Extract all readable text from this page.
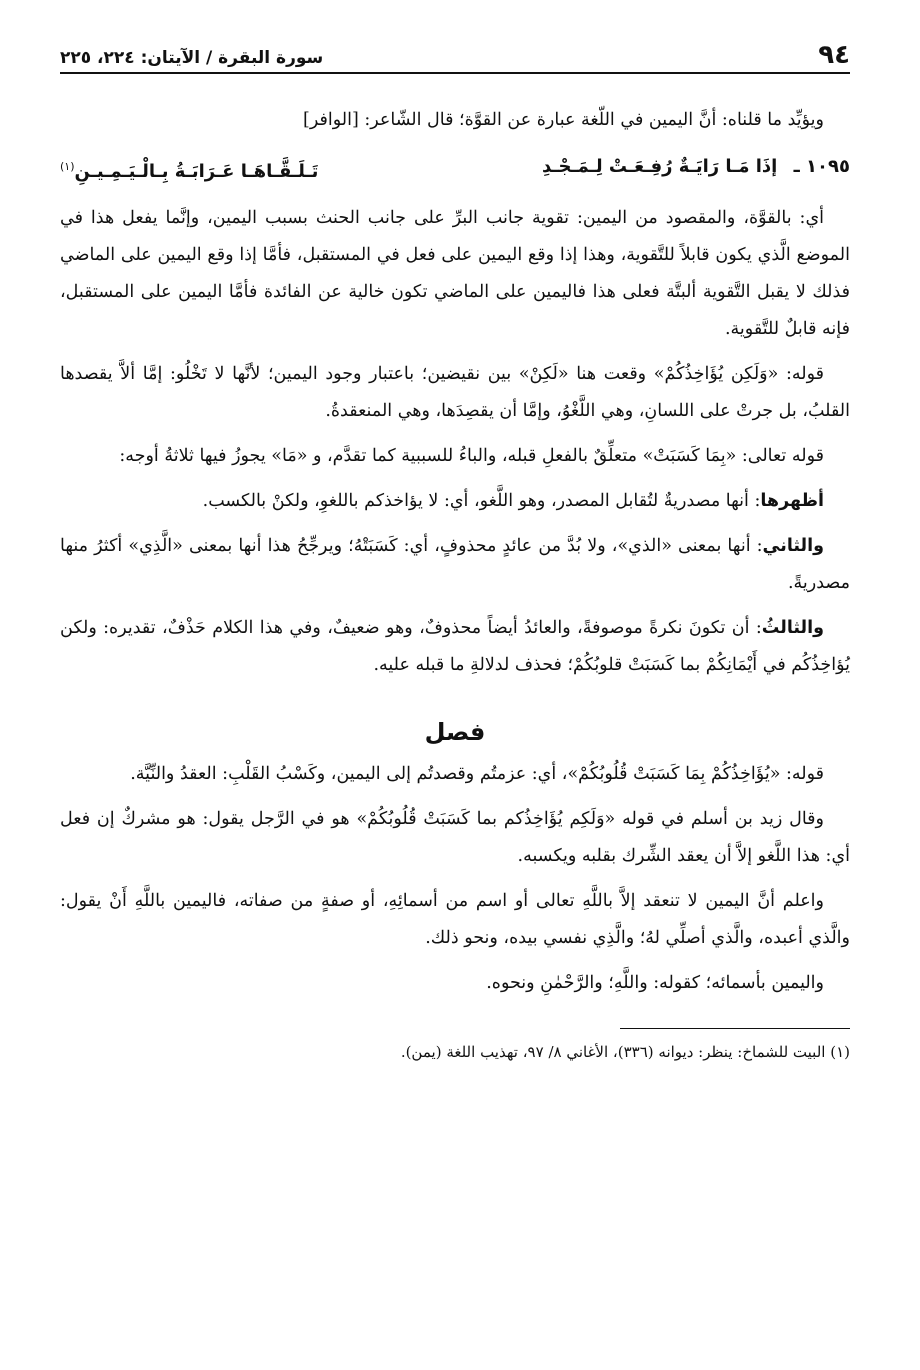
٩٤
سورة البقرة / الآيتان: ٢٢٤، ٢٢٥

ويؤيِّد ما قلناه: أنَّ اليمين في اللّغة عبارة عن القوَّة؛ قال الشّاعر: [الوافر]

١٠٩٥ ـ إذَا مَـا رَايَـةٌ رُفِـعَـتْ لِـمَـجْـدِ
تَـلَـقَّـاهَـا عَـرَابَـةُ بِـالْـيَـمِـيـنِ$^{(١)}$

أي: بالقوَّة، والمقصود من اليمين: تقوية جانب البرِّ على جانب الحنث بسبب اليمين، وإنَّما يفعل هذا في الموضع الَّذي يكون قابلاً للتَّقوية، وهذا إذا وقع اليمين على فعل في المستقبل، فأمَّا إذا وقع اليمين على الماضي فذلك لا يقبل التَّقوية ألبتَّة فعلى هذا فاليمين على الماضي تكون خالية عن الفائدة فأمَّا اليمين على المستقبل، فإنه قابلٌ للتَّقوية.

قوله: «وَلَكِن يُؤَاخِذُكُمْ» وقعت هنا «لَكِنْ» بين نقيضين؛ باعتبار وجود اليمين؛ لأنَّها لا تَخْلُو: إمَّا ألاَّ يقصدها القلبُ، بل جرتْ على اللسانِ، وهي اللَّغْوُ، وإمَّا أن يقصِدَها، وهي المنعقدةُ.

قوله تعالى: «بِمَا كَسَبَتْ» متعلِّقٌ بالفعلِ قبله، والباءُ للسببية كما تقدَّم، و «مَا» يجوزُ فيها ثلاثةُ أوجه:

أظهرها: أنها مصدريةٌ لتُقابل المصدر، وهو اللَّغو، أي: لا يؤاخذكم باللغوِ، ولكنْ بالكسب.

والثاني: أنها بمعنى «الذي»، ولا بُدَّ من عائدٍ محذوفٍ، أي: كَسَبَتْهُ؛ ويرجِّحُ هذا أنها بمعنى «الَّذِي» أكثرُ منها مصدريةً.

والثالثُ: أن تكونَ نكرةً موصوفةً، والعائدُ أيضاً محذوفٌ، وهو ضعيفٌ، وفي هذا الكلام حَذْفٌ، تقديره: ولكن يُؤاخِذُكُم في أَيْمَانِكُمْ بما كَسَبَتْ قلوبُكُمْ؛ فحذف لدلالةِ ما قبله عليه.

فصل

قوله: «يُؤَاخِذُكُمْ بِمَا كَسَبَتْ قُلُوبُكُمْ»، أي: عزمتُم وقصدتُم إلى اليمين، وكَسْبُ القَلْبِ: العقدُ والنِّيَّة.

وقال زيد بن أسلم في قوله «وَلَكِم يُؤَاخِذُكم بما كَسَبَتْ قُلُوبُكُمْ» هو في الرَّجل يقول: هو مشركٌ إن فعل أي: هذا اللَّغو إلاَّ أن يعقد الشِّرك بقلبه ويكسبه.

واعلم أنَّ اليمين لا تنعقد إلاَّ باللَّهِ تعالى أو اسم من أسمائِهِ، أو صفةٍ من صفاته، فاليمين باللَّهِ أَنْ يقول: والَّذي أعبده، والَّذي أصلِّي لهُ؛ والَّذِي نفسي بيده، ونحو ذلك.

واليمين بأسمائه؛ كقوله: واللَّهِ؛ والرَّحْمٰنِ ونحوه.

(١) البيت للشماخ: ينظر: ديوانه (٣٣٦)، الأغاني ٨/ ٩٧، تهذيب اللغة (يمن).
